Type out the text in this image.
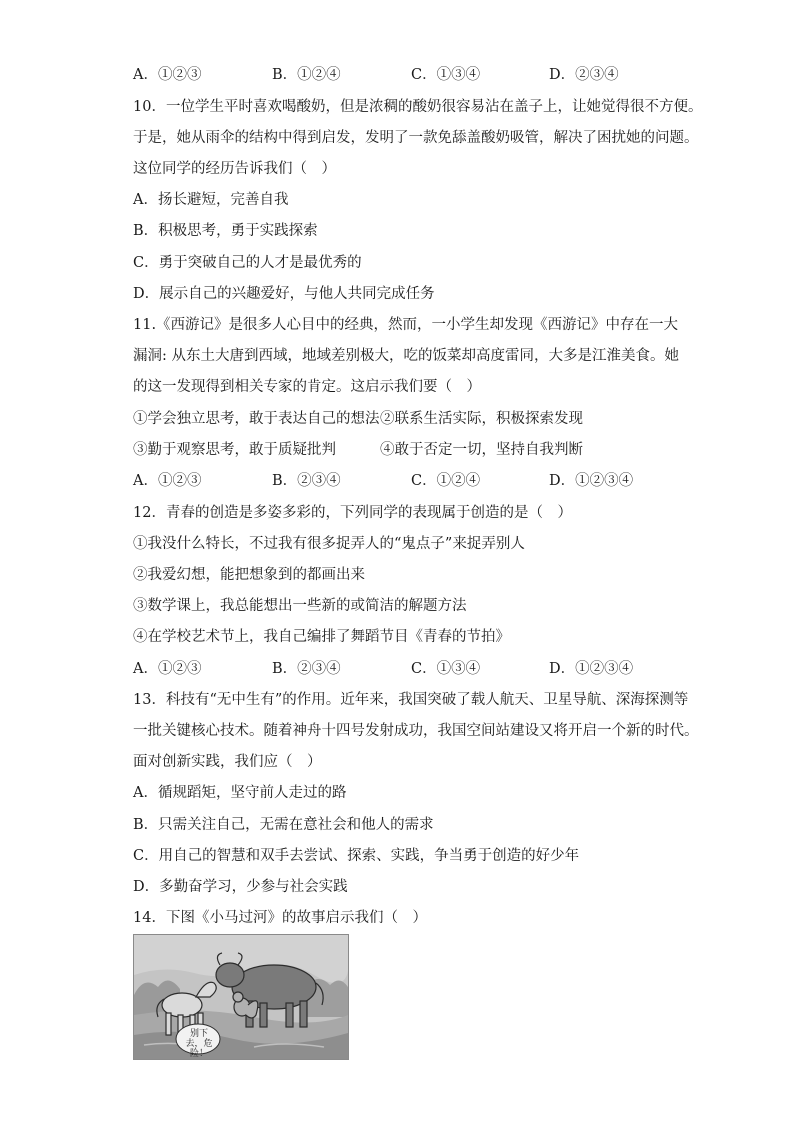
A．①②③	B．①②④	C．①③④	D．②③④
10．一位学生平时喜欢喝酸奶，但是浓稠的酸奶很容易沾在盖子上，让她觉得很不方便。
于是，她从雨伞的结构中得到启发，发明了一款免舔盖酸奶吸管，解决了困扰她的问题。
这位同学的经历告诉我们（　）
A．扬长避短，完善自我
B．积极思考，勇于实践探索
C．勇于突破自己的人才是最优秀的
D．展示自己的兴趣爱好，与他人共同完成任务
11.《西游记》是很多人心目中的经典，然而，一小学生却发现《西游记》中存在一大
漏洞: 从东土大唐到西域，地域差别极大，吃的饭菜却高度雷同，大多是江淮美食。她
的这一发现得到相关专家的肯定。这启示我们要（　）
①学会独立思考，敢于表达自己的想法 ②联系生活实际，积极探索发现
③勤于观察思考，敢于质疑批判	④敢于否定一切，坚持自我判断
A．①②③	B．②③④	C．①②④	D．①②③④
12．青春的创造是多姿多彩的，下列同学的表现属于创造的是（　）
①我没什么特长，不过我有很多捉弄人的“鬼点子”来捉弄别人
②我爱幻想，能把想象到的都画出来
③数学课上，我总能想出一些新的或简洁的解题方法
④在学校艺术节上，我自己编排了舞蹈节目《青春的节拍》
A．①②③	B．②③④	C．①③④	D．①②③④
13．科技有“无中生有”的作用。近年来，我国突破了载人航天、卫星导航、深海探测等
一批关键核心技术。随着神舟十四号发射成功，我国空间站建设又将开启一个新的时代。
面对创新实践，我们应（　）
A．循规蹈矩，坚守前人走过的路
B．只需关注自己，无需在意社会和他人的需求
C．用自己的智慧和双手去尝试、探索、实践，争当勇于创造的好少年
D．多勤奋学习，少参与社会实践
14．下图《小马过河》的故事启示我们（　）
别下去，危险！
